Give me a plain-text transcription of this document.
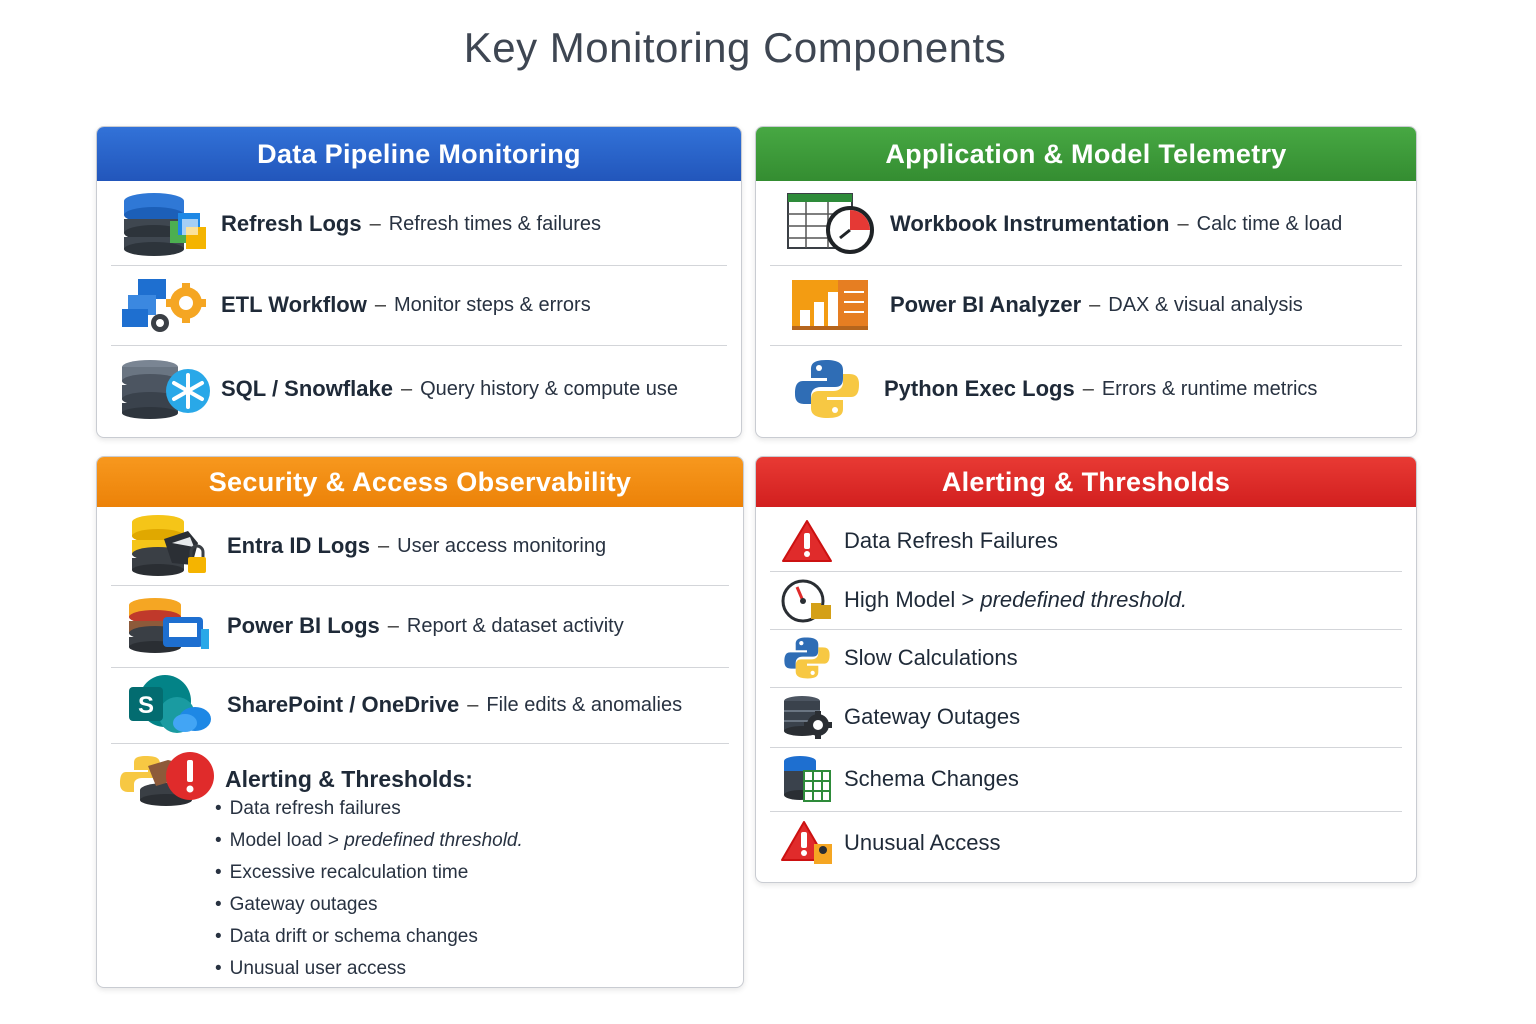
Key Monitoring Components
Data Pipeline Monitoring
Refresh Logs – Refresh times & failures
ETL Workflow – Monitor steps & errors
SQL / Snowflake – Query history & compute use
Application & Model Telemetry
Workbook Instrumentation – Calc time & load
Power BI Analyzer – DAX & visual analysis
Python Exec Logs – Errors & runtime metrics
Security & Access Observability
Entra ID Logs – User access monitoring
Power BI Logs – Report & dataset activity
S	SharePoint / OneDrive – File edits & anomalies
Alerting & Thresholds:
• Data refresh failures
• Model load > predefined threshold.
• Excessive recalculation time
• Gateway outages
• Data drift or schema changes
• Unusual user access
Alerting & Thresholds
Data Refresh Failures
High Model > predefined threshold.
Slow Calculations
Gateway Outages
Schema Changes
Unusual Access
